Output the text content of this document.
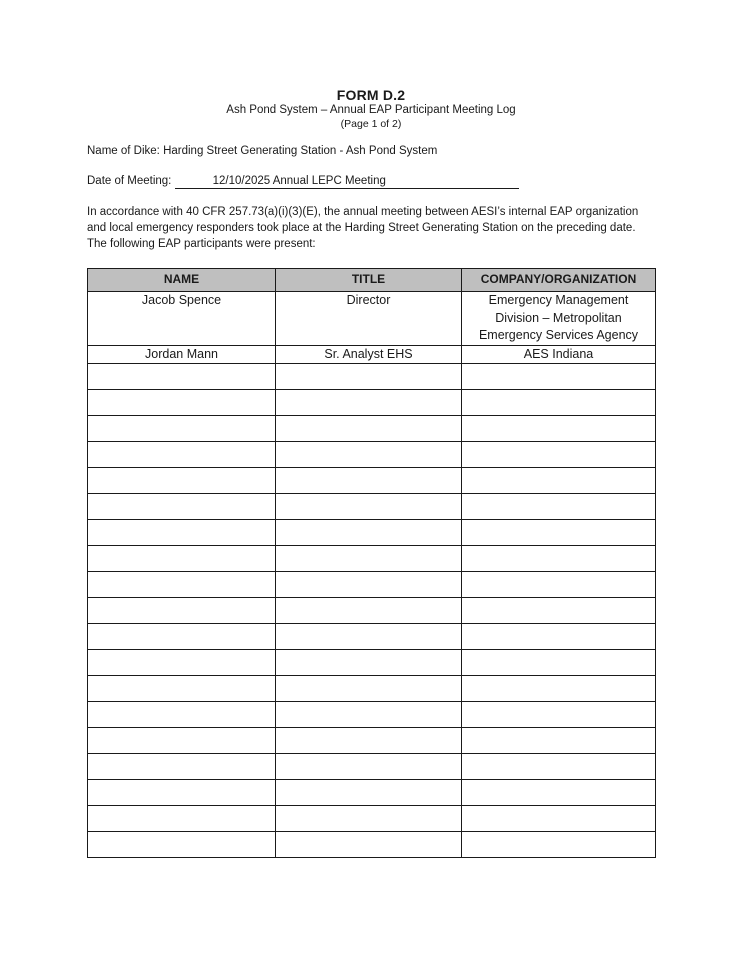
FORM D.2
Ash Pond System – Annual EAP Participant Meeting Log
(Page 1 of 2)
Name of Dike: Harding Street Generating Station - Ash Pond System
Date of Meeting:	12/10/2025 Annual LEPC Meeting
In accordance with 40 CFR 257.73(a)(i)(3)(E), the annual meeting between AESI’s internal EAP organization and local emergency responders took place at the Harding Street Generating Station on the preceding date. The following EAP participants were present:
NAME	TITLE	COMPANY/ORGANIZATION
Jacob Spence	Director	Emergency Management Division – Metropolitan Emergency Services Agency
Jordan Mann	Sr. Analyst EHS	AES Indiana
